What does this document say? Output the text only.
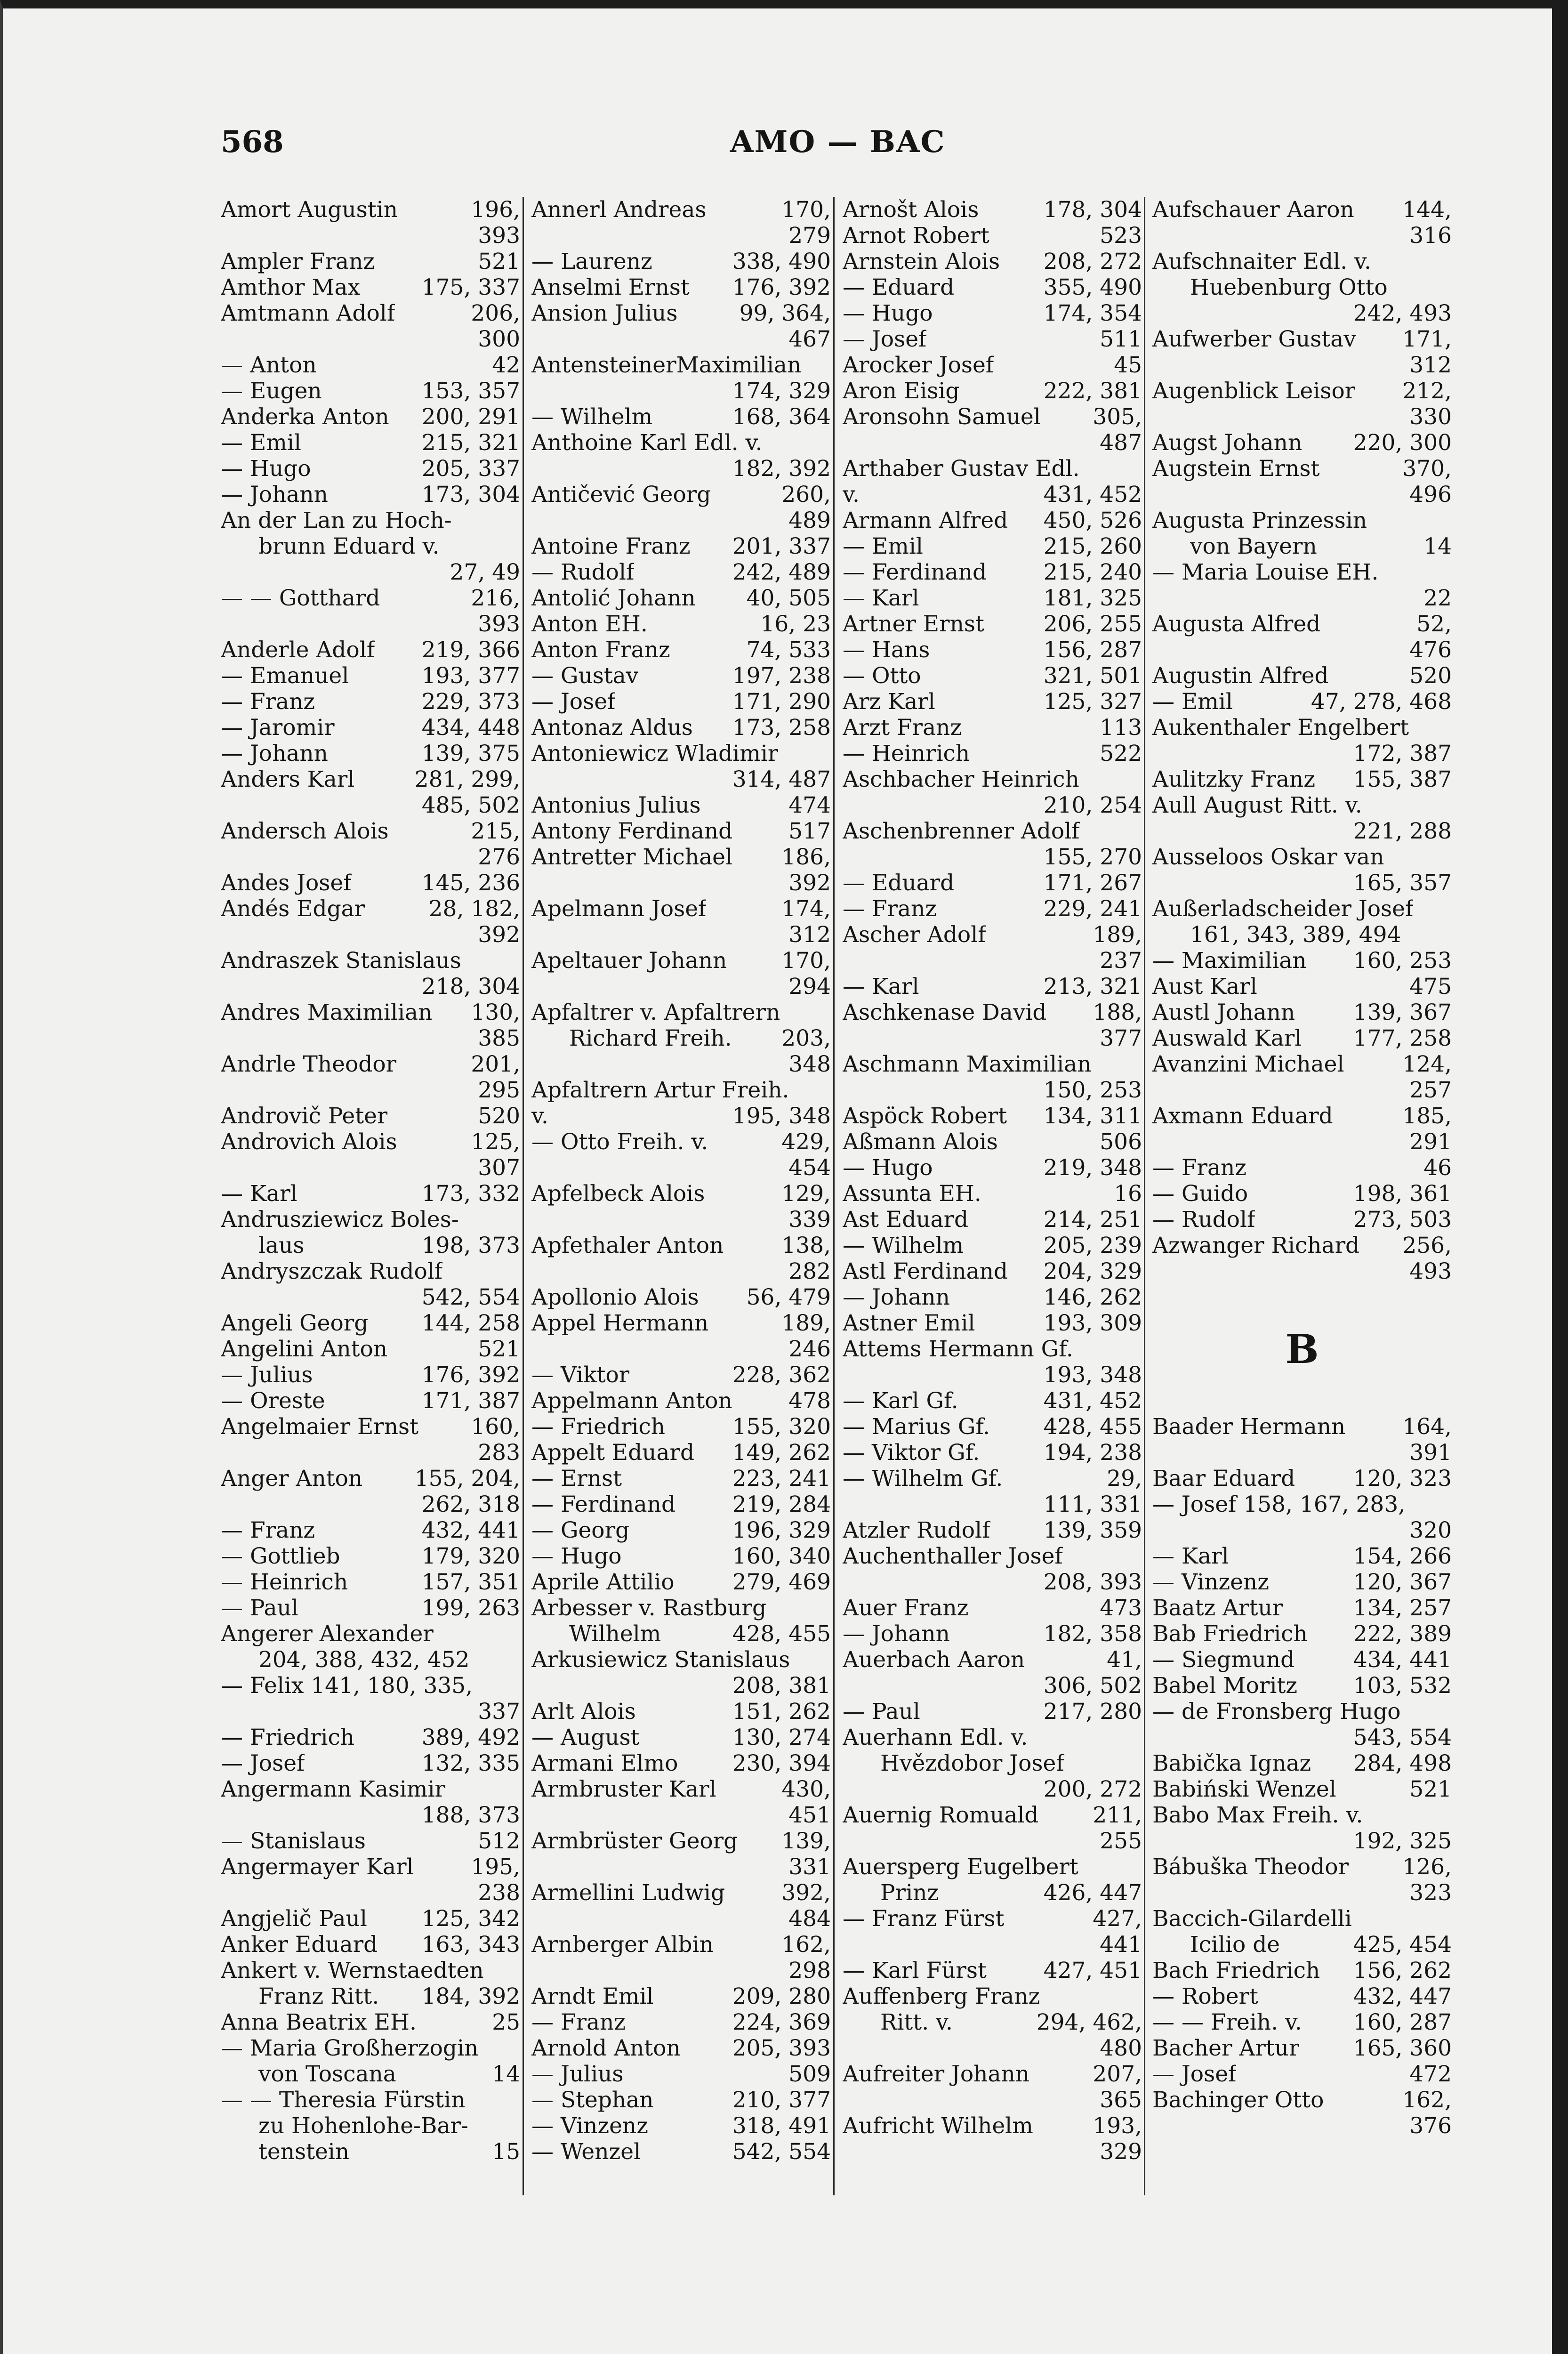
568	AMO — BAC
Amort Augustin	196,
393
Ampler Franz	521
Amthor Max	175, 337
Amtmann Adolf	206,
300
— Anton	42
— Eugen	153, 357
Anderka Anton 200, 291
— Emil	215, 321
— Hugo	205, 337
— Johann	173, 304
An der Lan zu Hoch-
brunn Eduard v.
27, 49
— — Gotthard	216,
393
Anderle Adolf 219, 366
— Emanuel	193, 377
— Franz	229, 373
— Jaromir	434, 448
— Johann	139, 375
Anders Karl	281, 299,
485, 502
Andersch Alois	215,
276
Andes Josef	145, 236
Andés Edgar	28, 182,
392
Andraszek Stanislaus
218, 304
Andres Maximilian 130,
385
Andrle Theodor	201,
295
Androvič Peter	520
Androvich Alois	125,
307
— Karl	173, 332
Andrusziewicz Boles-
laus	198, 373
Andryszczak Rudolf
542, 554
Angeli Georg 144, 258
Angelini Anton	521
— Julius	176, 392
— Oreste	171, 387
Angelmaier Ernst 160,
283
Anger Anton 155, 204,
262, 318
— Franz	432, 441
— Gottlieb	179, 320
— Heinrich	157, 351
— Paul	199, 263
Angerer Alexander
204, 388, 432, 452
— Felix 141, 180, 335,
337
— Friedrich	389, 492
— Josef	132, 335
Angermann Kasimir
188, 373
— Stanislaus	512
Angermayer Karl	195,
238
Angjelič Paul 125, 342
Anker Eduard 163, 343
Ankert v. Wernstaedten
Franz Ritt. 184, 392
Anna Beatrix EH.	25
— Maria Großherzogin
von Toscana	14
— — Theresia Fürstin
zu Hohenlohe-Bar-
tenstein	15
Annerl Andreas	170,
279
— Laurenz	338, 490
Anselmi Ernst 176, 392
Ansion Julius	99, 364,
467
AntensteinerMaximilian
174, 329
— Wilhelm	168, 364
Anthoine Karl Edl. v.
182, 392
Antičević Georg	260,
489
Antoine Franz 201, 337
— Rudolf	242, 489
Antolić Johann 40, 505
Anton EH.	16, 23
Anton Franz	74, 533
— Gustav	197, 238
— Josef	171, 290
Antonaz Aldus 173, 258
Antoniewicz Wladimir
314, 487
Antonius Julius	474
Antony Ferdinand	517
Antretter Michael 186,
392
Apelmann Josef	174,
312
Apeltauer Johann 170,
294
Apfaltrer v. Apfaltrern
Richard Freih. 203,
348
Apfaltrern Artur Freih.
v.	195, 348
— Otto Freih. v.	429,
454
Apfelbeck Alois	129,
339
Apfethaler Anton	138,
282
Apollonio Alois 56, 479
Appel Hermann	189,
246
— Viktor	228, 362
Appelmann Anton	478
— Friedrich	155, 320
Appelt Eduard 149, 262
— Ernst	223, 241
— Ferdinand	219, 284
— Georg	196, 329
— Hugo	160, 340
Aprile Attilio	279, 469
Arbesser v. Rastburg
Wilhelm	428, 455
Arkusiewicz Stanislaus
208, 381
Arlt Alois	151, 262
— August	130, 274
Armani Elmo 230, 394
Armbruster Karl	430,
451
Armbrüster Georg 139,
331
Armellini Ludwig	392,
484
Arnberger Albin	162,
298
Arndt Emil	209, 280
— Franz	224, 369
Arnold Anton 205, 393
— Julius	509
— Stephan	210, 377
— Vinzenz	318, 491
— Wenzel	542, 554
Arnošt Alois	178, 304
Arnot Robert	523
Arnstein Alois 208, 272
— Eduard	355, 490
— Hugo	174, 354
— Josef	511
Arocker Josef	45
Aron Eisig	222, 381
Aronsohn Samuel 305,
487
Arthaber Gustav Edl.
v.	431, 452
Armann Alfred 450, 526
— Emil	215, 260
— Ferdinand	215, 240
— Karl	181, 325
Artner Ernst	206, 255
— Hans	156, 287
— Otto	321, 501
Arz Karl	125, 327
Arzt Franz	113
— Heinrich	522
Aschbacher Heinrich
210, 254
Aschenbrenner Adolf
155, 270
— Eduard	171, 267
— Franz	229, 241
Ascher Adolf	189,
237
— Karl	213, 321
Aschkenase David 188,
377
Aschmann Maximilian
150, 253
Aspöck Robert 134, 311
Aßmann Alois	506
— Hugo	219, 348
Assunta EH.	16
Ast Eduard	214, 251
— Wilhelm	205, 239
Astl Ferdinand 204, 329
— Johann	146, 262
Astner Emil	193, 309
Attems Hermann Gf.
193, 348
— Karl Gf.	431, 452
— Marius Gf. 428, 455
— Viktor Gf.	194, 238
— Wilhelm Gf.	29,
111, 331
Atzler Rudolf 139, 359
Auchenthaller Josef
208, 393
Auer Franz	473
— Johann	182, 358
Auerbach Aaron	41,
306, 502
— Paul	217, 280
Auerhann Edl. v.
Hvězdobor Josef
200, 272
Auernig Romuald 211,
255
Auersperg Eugelbert
Prinz	426, 447
— Franz Fürst	427,
441
— Karl Fürst	427, 451
Auffenberg Franz
Ritt. v.	294, 462,
480
Aufreiter Johann	207,
365
Aufricht Wilhelm	193,
329
Aufschauer Aaron 144,
316
Aufschnaiter Edl. v.
Huebenburg Otto
242, 493
Aufwerber Gustav 171,
312
Augenblick Leisor 212,
330
Augst Johann 220, 300
Augstein Ernst	370,
496
Augusta Prinzessin
von Bayern	14
— Maria Louise EH.
22
Augusta Alfred	52,
476
Augustin Alfred	520
— Emil	47, 278, 468
Aukenthaler Engelbert
172, 387
Aulitzky Franz 155, 387
Aull August Ritt. v.
221, 288
Ausseloos Oskar van
165, 357
Außerladscheider Josef
161, 343, 389, 494
— Maximilian 160, 253
Aust Karl	475
Austl Johann	139, 367
Auswald Karl 177, 258
Avanzini Michael	124,
257
Axmann Eduard	185,
291
— Franz	46
— Guido	198, 361
— Rudolf	273, 503
Azwanger Richard 256,
493
B
Baader Hermann	164,
391
Baar Eduard	120, 323
— Josef 158, 167, 283,
320
— Karl	154, 266
— Vinzenz	120, 367
Baatz Artur	134, 257
Bab Friedrich 222, 389
— Siegmund	434, 441
Babel Moritz	103, 532
— de Fronsberg Hugo
543, 554
Babička Ignaz 284, 498
Babiński Wenzel	521
Babo Max Freih. v.
192, 325
Bábuška Theodor 126,
323
Baccich-Gilardelli
Icilio de	425, 454
Bach Friedrich 156, 262
— Robert	432, 447
— — Freih. v. 160, 287
Bacher Artur 165, 360
— Josef	472
Bachinger Otto	162,
376
